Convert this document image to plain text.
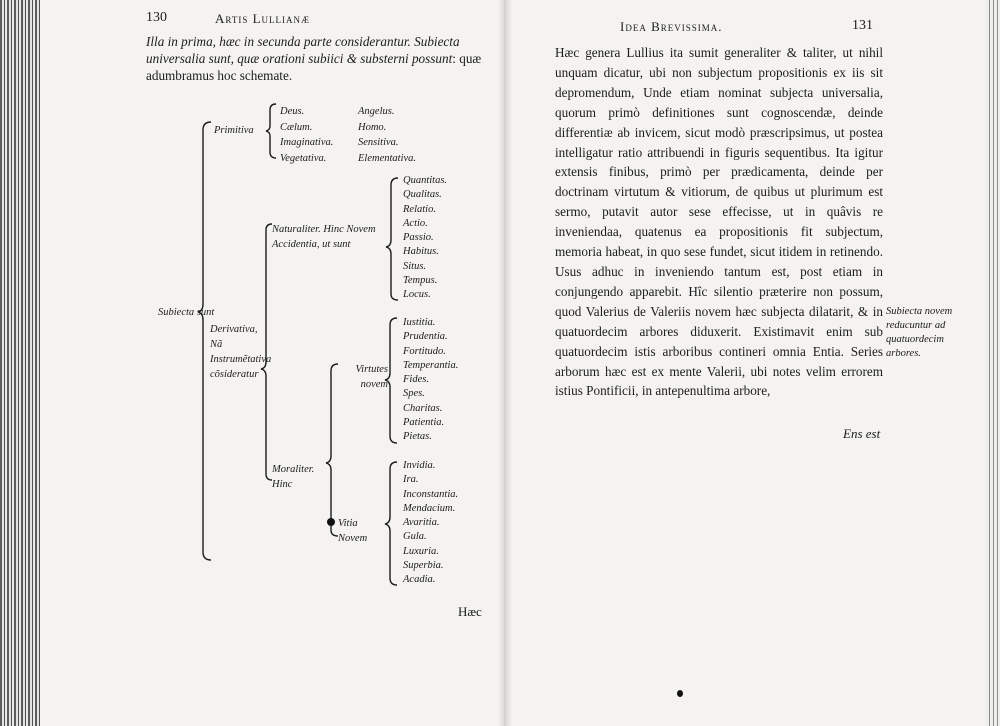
130	Artis Lullianæ

Illa in prima, hæc in secunda parte considerantur. Subiecta universalia sunt, quæ orationi subiici & substerni possunt: quæ adumbramus hoc schemate.

Subiecta sunt
Primitiva
Deus.	Angelus.
Cælum.	Homo.
Imaginativa.	Sensitiva.
Vegetativa.	Elementativa.
Derivativa, Nã Instrumẽtativa cõsideratur
Naturaliter. Hinc Novem Accidentia, ut sunt
Quantitas.
Qualitas.
Relatio.
Actio.
Passio.
Habitus.
Situs.
Tempus.
Locus.
Moraliter. Hinc
Virtutes novem
Iustitia.
Prudentia.
Fortitudo.
Temperantia.
Fides.
Spes.
Charitas.
Patientia.
Pietas.
Vitia Novem
Invidia.
Ira.
Inconstantia.
Mendacium.
Avaritia.
Gula.
Luxuria.
Superbia.
Acadia.
Hæc
Idea Brevissima.	131

Hæc genera Lullius ita sumit generaliter & taliter, ut nihil unquam dicatur, ubi non subjectum propositionis ex iis sit depromendum, Unde etiam nominat subjecta universalia, quorum primò definitiones sunt cognoscendæ, deinde differentiæ ab invicem, sicut modò præscripsimus, ut postea intelligatur ratio attribuendi in figuris sequentibus. Ita igitur extensis finibus, primò per prædicamenta, deinde per doctrinam virtutum & vitiorum, de quibus ut plurimum est sermo, putavit autor sese effecisse, ut in quâvis re inveniendaa, quatenus ea propositionis fit subjectum, memoria habeat, in quo sese fundet, sicut itidem in retinendo. Usus adhuc in inveniendo tantum est, post etiam in conjungendo apparebit. Hîc silentio præterire non possum, quod Valerius de Valeriis novem hæc subjecta dilatarit, & in quatuordecim arbores diduxerit. Existimavit enim sub quatuordecim istis arboribus contineri omnia Entia. Series arborum hæc est ex mente Valerii, ubi notes velim errorem istius Pontificii, in antepenultima arbore,

Subiecta novem reducuntur ad quatuordecim arbores.
Ens est
